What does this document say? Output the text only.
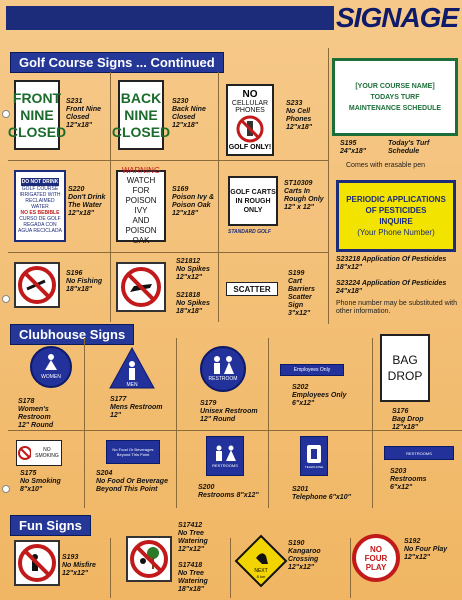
SIGNAGE
Golf Course Signs ... Continued
Clubhouse Signs
Fun Signs
FRONT
NINE
CLOSED
S231
Front Nine Closed
12"x18"
BACK
NINE
CLOSED
S230
Back Nine Closed
12"x18"
NO
CELLULAR PHONES
GOLF ONLY!
S233
No Cell Phones
12"x18"
[YOUR COURSE NAME]
TODAYS TURF
MAINTENANCE SCHEDULE
S195
24"x18"
Today's Turf Schedule
Comes with erasable pen
DO NOT DRINK
GOLF COURSE IRRIGATED WITH RECLAIMED WATER
NO ES BEBIBLE
CURSO DE GOLF REGADA CON AGUA RECICLADA
S220
Don't Drink The Water
12"x18"
WARNING
WATCH FOR
POISON IVY
AND
POISON OAK
S169
Poison Ivy & Poison Oak
12"x18"
GOLF CARTS
IN ROUGH
ONLY
STANDARD GOLF
ST10309
Carts In Rough Only
12" x 12"
PERIODIC APPLICATIONS
OF PESTICIDES
INQUIRE
(Your Phone Number)
S23218 Application Of Pesticides
18"x12"
S23224 Application Of Pesticides
24"x18"
Phone number may be substituted with other information.
S196
No Fishing
18"x18"
S21812
No Spikes
12"x12"
S21818
No Spikes
18"x18"
SCATTER
S199
Cart Barriers Scatter Sign
3"x12"
WOMEN
S178
Women's Restroom
12" Round
MEN
S177
Mens Restroom
12"
RESTROOM
S179
Unisex Restroom
12" Round
Employees Only
S202
Employees Only
6"x12"
BAG
DROP
S176
Bag Drop
12"x18"
NO SMOKING
S175
No Smoking
8"x10"
No Food Or Beverages Beyond This Point
S204
No Food Or Beverage Beyond This Point
RESTROOMS
S200
Restrooms 8"x12"
TELEPHONE
S201
Telephone 6"x10"
RESTROOMS
S203
Restrooms
6"x12"
S193
No Misfire 12"x12"
S17412
No Tree Watering
12"x12"
S17418
No Tree Watering
18"x18"
NEXT
8 km
S190
Kangaroo Crossing
12"x12"
NO
FOUR
PLAY
S192
No Four Play
12"x12"
